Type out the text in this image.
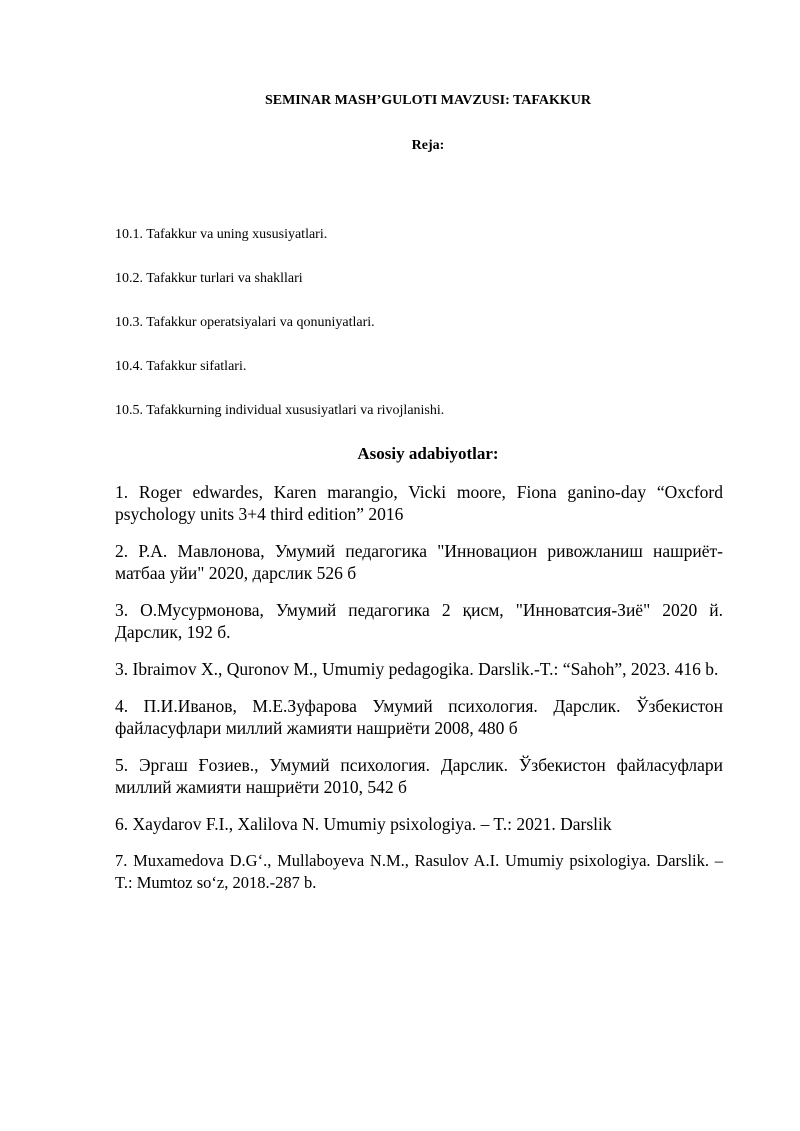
SEMINAR MASH’GULOTI MAVZUSI: TAFAKKUR
Reja:
10.1. Tafakkur va uning xususiyatlari.
10.2. Tafakkur turlari va shakllari
10.3. Tafakkur operatsiyalari va qonuniyatlari.
10.4. Tafakkur sifatlari.
10.5. Tafakkurning individual xususiyatlari va rivojlanishi.
Asosiy adabiyotlar:

1. Roger edwardes, Karen marangio, Vicki moore, Fiona ganino-day “Oxcford psychology units 3+4 third edition” 2016

2. Р.А. Мавлонова, Умумий педагогика "Инновацион ривожланиш нашриёт-матбаа уйи" 2020, дарслик 526 б

3. О.Мусурмонова, Умумий педагогика 2 қисм, "Инноватсия-Зиё" 2020 й. Дарслик, 192 б.

3. Ibraimov X., Quronov M., Umumiy pedagogika. Darslik.-T.: “Sahoh”, 2023. 416 b.

4. П.И.Иванов, М.Е.Зуфарова Умумий психология. Дарслик. Ўзбекистон файласуфлари миллий жамияти нашриёти 2008, 480 б

5. Эргаш Ғозиев., Умумий психология. Дарслик. Ўзбекистон файласуфлари миллий жамияти нашриёти 2010, 542 б

6. Xaydarov F.I., Xalilova N. Umumiy psixologiya. – T.: 2021. Darslik

7. Muxamedova D.G‘., Mullaboyeva N.M., Rasulov A.I. Umumiy psixologiya. Darslik. – T.: Mumtoz so‘z, 2018.-287 b.
